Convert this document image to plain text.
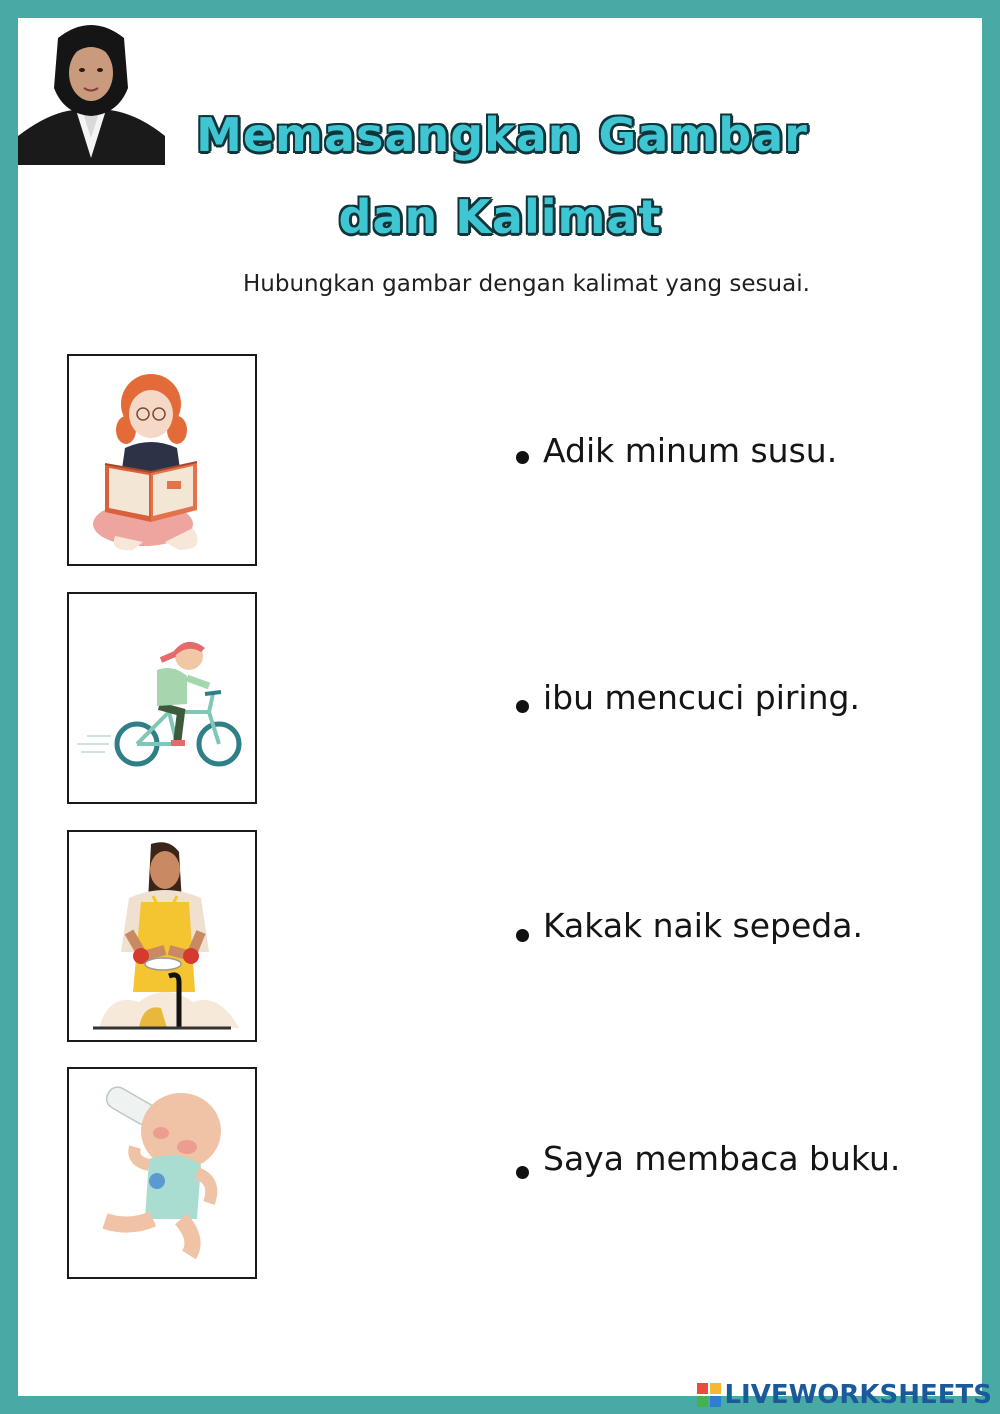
Memasangkan Gambar
dan Kalimat
Hubungkan gambar dengan kalimat yang sesuai.
Adik minum susu.
ibu mencuci piring.
Kakak naik sepeda.
Saya membaca buku.
LIVEWORKSHEETS
